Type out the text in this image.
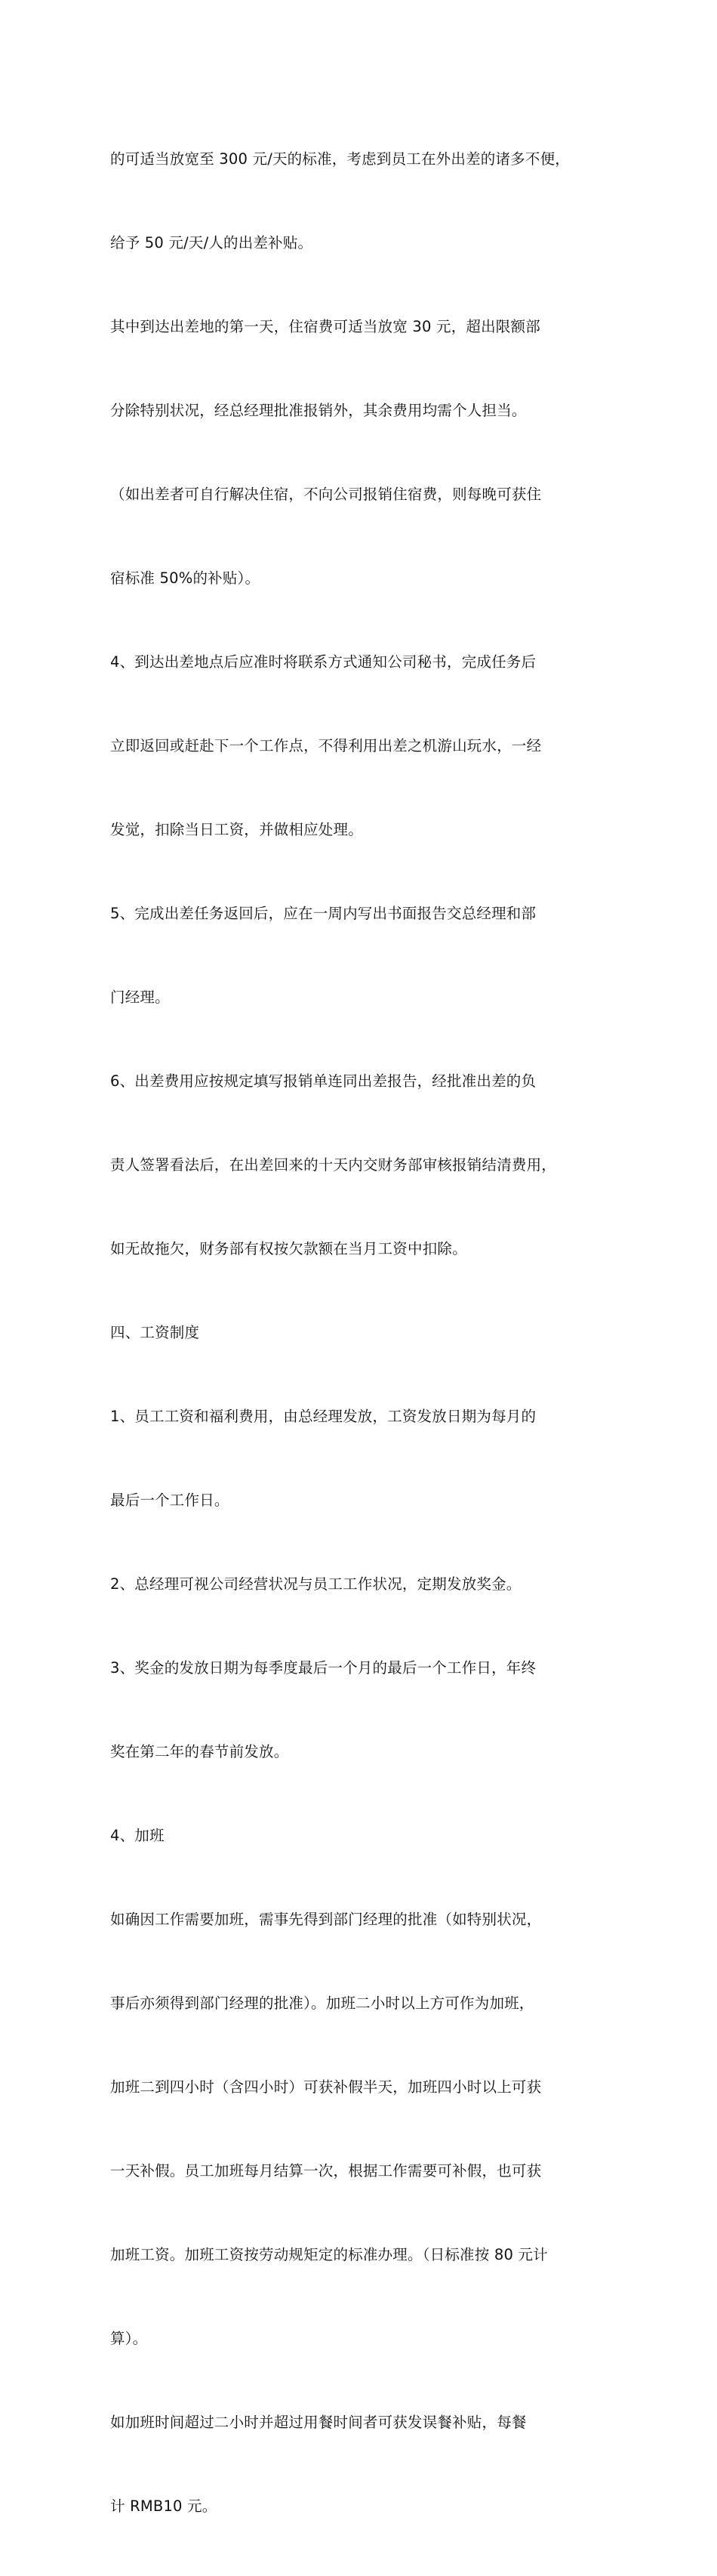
的可适当放宽至 300 元/天的标准，考虑到员工在外出差的诸多不便，

给予 50 元/天/人的出差补贴。

其中到达出差地的第一天，住宿费可适当放宽 30 元，超出限额部

分除特别状况，经总经理批准报销外，其余费用均需个人担当。

（如出差者可自行解决住宿，不向公司报销住宿费，则每晚可获住

宿标准 50%的补贴）。

4、到达出差地点后应准时将联系方式通知公司秘书，完成任务后

立即返回或赶赴下一个工作点，不得利用出差之机游山玩水，一经

发觉，扣除当日工资，并做相应处理。

5、完成出差任务返回后，应在一周内写出书面报告交总经理和部

门经理。

6、出差费用应按规定填写报销单连同出差报告，经批准出差的负

责人签署看法后，在出差回来的十天内交财务部审核报销结清费用，

如无故拖欠，财务部有权按欠款额在当月工资中扣除。

四、工资制度

1、员工工资和福利费用，由总经理发放，工资发放日期为每月的

最后一个工作日。

2、总经理可视公司经营状况与员工工作状况，定期发放奖金。

3、奖金的发放日期为每季度最后一个月的最后一个工作日，年终

奖在第二年的春节前发放。

4、加班

如确因工作需要加班，需事先得到部门经理的批准（如特别状况，

事后亦须得到部门经理的批准）。加班二小时以上方可作为加班，

加班二到四小时（含四小时）可获补假半天，加班四小时以上可获

一天补假。员工加班每月结算一次，根据工作需要可补假，也可获

加班工资。加班工资按劳动规矩定的标准办理。（日标准按 80 元计

算）。

如加班时间超过二小时并超过用餐时间者可获发误餐补贴，每餐

计 RMB10 元。
